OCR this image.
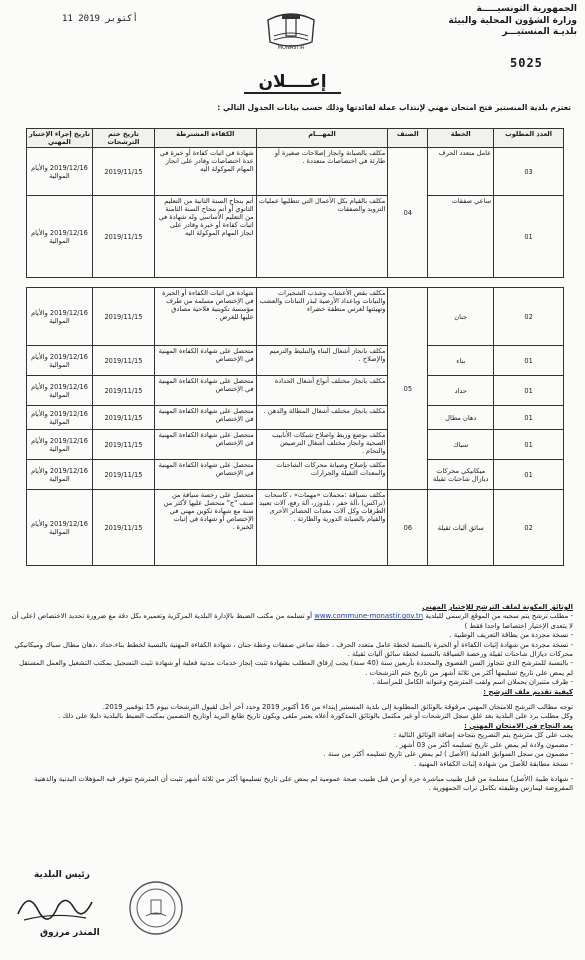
الجمهورية التونسيـــــة
وزارة الشؤون المحلية والبيئة
بلديـة المنستيـــر
MONASTIR
11 أكتوبر 2019
5025
إعــــلان
تعتزم بلدية المنستير فتح امتحان مهني لإنتداب عملة لفائدتها وذلك حسب بيانات الجدول التالي :
العدد المطلوب	الخطة	الصنف	المهـــام	الكفاءة المشترطة	تاريخ ختم الترشحات	تاريخ إجراء الإختبار المهني
03	عامل متعدد الحرف	04	مكلف بالصيانة وانجاز إصلاحات صغيرة أو طارئة في اختصاصات متعددة .	شهادة في اثبات كفاءة أو خبرة في عدة اختصاصات وقادر على انجاز المهام الموكولة اليه	2019/11/15	2019/12/16 والأيام الموالية
01	ساعي صفقات		مكلف بالقيام بكل الأعمال التي تتطلبها عمليات التزويد والصفقات	أتم بنجاح السنة الثانية من التعليم الثانوي أو أتم بنجاح السنة الثامنة من التعليم الأساسي وله شهادة في اثبات كفاءة أو خبرة وقادر على انجاز المهام الموكولة اليه	2019/11/15	2019/12/16 والأيام الموالية
02	جنان	05	مكلف بقص الأعشاب وشذب الشجيرات والنباتات وباعداد الأرضية لبذر النباتات والعشب وتهيئتها لغرس منطقة خضراء	شهادة في اثبات الكفاءة أو الخبرة في الإختصاص مسلمة من طرف مؤسسة تكوينية فلاحية مصادق عليها للغرض .	2019/11/15	2019/12/16 والأيام الموالية
01	بناء		مكلف بانجاز أشغال البناء والتبليط والترميم والإصلاح .	متحصل على شهادة الكفاءة المهنية في الإختصاص	2019/11/15	2019/12/16 والأيام الموالية
01	حداد		مكلف بانجاز مختلف أنواع أشغال الحدادة	متحصل على شهادة الكفاءة المهنية في الإختصاص	2019/11/15	2019/12/16 والأيام الموالية
01	دهان مطال		مكلف بانجاز مختلف أشغال المطالة والدهن .	متحصل على شهادة الكفاءة المهنية في الإختصاص	2019/11/15	2019/12/16 والأيام الموالية
01	سباك		مكلف بوضع وربط واصلاح شبكات الأنابيب الصحية وانجاز مختلف أشغال الترصيص والتحام .	متحصل على شهادة الكفاءة المهنية في الإختصاص	2019/11/15	2019/12/16 والأيام الموالية
01	ميكانيكي محركات ديازال شاحنات ثقيلة		مكلف بإصلاح وصيانة محركات الشاحنات والمعدات الثقيلة والجرارات	متحصل على شهادة الكفاءة المهنية في الإختصاص	2019/11/15	2019/12/16 والأيام الموالية
02	سائق آليات ثقيلة	06	مكلف بسياقة :محملات «مهمات» ، كاسحات (تراكس) ،آلة حفر ، بلدوزر، آلة رفع، آلات تعبيد الطرقات وكل آلات معدات الحضائر الأخرى والقيام بالصيانة الدورية والطارئة .	متحصل على رخصة سياقة من صنف "ج" متحصل عليها لأكثر من سنة مع شهادة تكوين مهني في الإختصاص أو شهادة في إثبات الخبرة .	2019/11/15	2019/12/16 والأيام الموالية

الوثائق المكونة لملف الترشح للإختبار المهني

- مطلب ترشح يتم سحبه من الموقع الرسمي للبلدية www.commune-monastir.gov.tn أو تسلمه من مكتب الضبط بالإدارة البلدية المركزية وتعميره بكل دقة مع ضرورة تحديد الاختصاص (على أن لا يتعدى الإختيار اختصاصا واحدا فقط )

- نسخة مجردة من بطاقة التعريف الوطنية .

- نسخة مجردة من شهادة إثبات الكفاءة أو الخبرة بالنسبة لخطة عامل متعدد الحرف ، خطة ساعي صفقات وخطة جنان ، شهادة الكفاءة المهنية بالنسبة لخطط بناء،حداد ،دهان مطال سباك وميكانيكي محركات ديازال شاحنات ثقيلة ورخصة السياقة بالنسبة لخطة سائق آليات ثقيلة .

- بالنسبة للمترشح الذي تتجاوز السن القصوى والمحددة بأربعين سنة (40 سنة) يجب إرفاق المطلب بشهادة تثبت إنجاز خدمات مدنية فعلية أو شهادة تثبت التسجيل بمكتب التشغيل والعمل المستقل لم يمض على تاريخ تسليمها أكثر من ثلاثة أشهر من تاريخ ختم الترشحات .

- ظرف متنبران يحملان اسم ولقب المترشح وعنوانه الكامل للمراسلة .

كيفية تقديم ملف الترشح :

توجه مطالب الترشح للامتحان المهني مرفوقة بالوثائق المطلوبة إلى بلدية المنستير إبتداء من 16 أكتوبر 2019 وحدد آخر أجل لقبول الترشحات بيوم 15 نوفمبر 2019.

وكل مطلب يرد على البلدية بعد غلق سجل الترشحات أو غير مكتمل بالوثائق المذكورة أعلاه يعتبر ملغى ويكون تاريخ طابع البريد أوتاريخ التضمين بمكتب الضبط بالبلدية دليلا على ذلك .

بعد النجاح في الامتحان المهني :

يجب على كل مترشح يتم التصريح بنجاحه إضافة الوثائق التالية :

- مضمون ولادة لم يمض على تاريخ تسليمه أكثر من 03 أشهر .

- مضمون من سجل السوابق العدلية (الأصل ) لم يمض على تاريخ تسليمه أكثر من سنة .

- نسخة مطابقة للأصل من شهادة إثبات الكفاءة المهنية .

- شهادة طبية (الأصل) مسلمة من قبل طبيب مباشرة حرة أو من قبل طبيب صحة عمومية لم يمض على تاريخ تسليمها أكثر من ثلاثة أشهر تثبت أن المترشح تتوفر فيه المؤهلات البدنية والذهنية المفروضة ليمارس وظيفته بكامل تراب الجمهورية .

رئيس البلدية
المنذر مرزوق
